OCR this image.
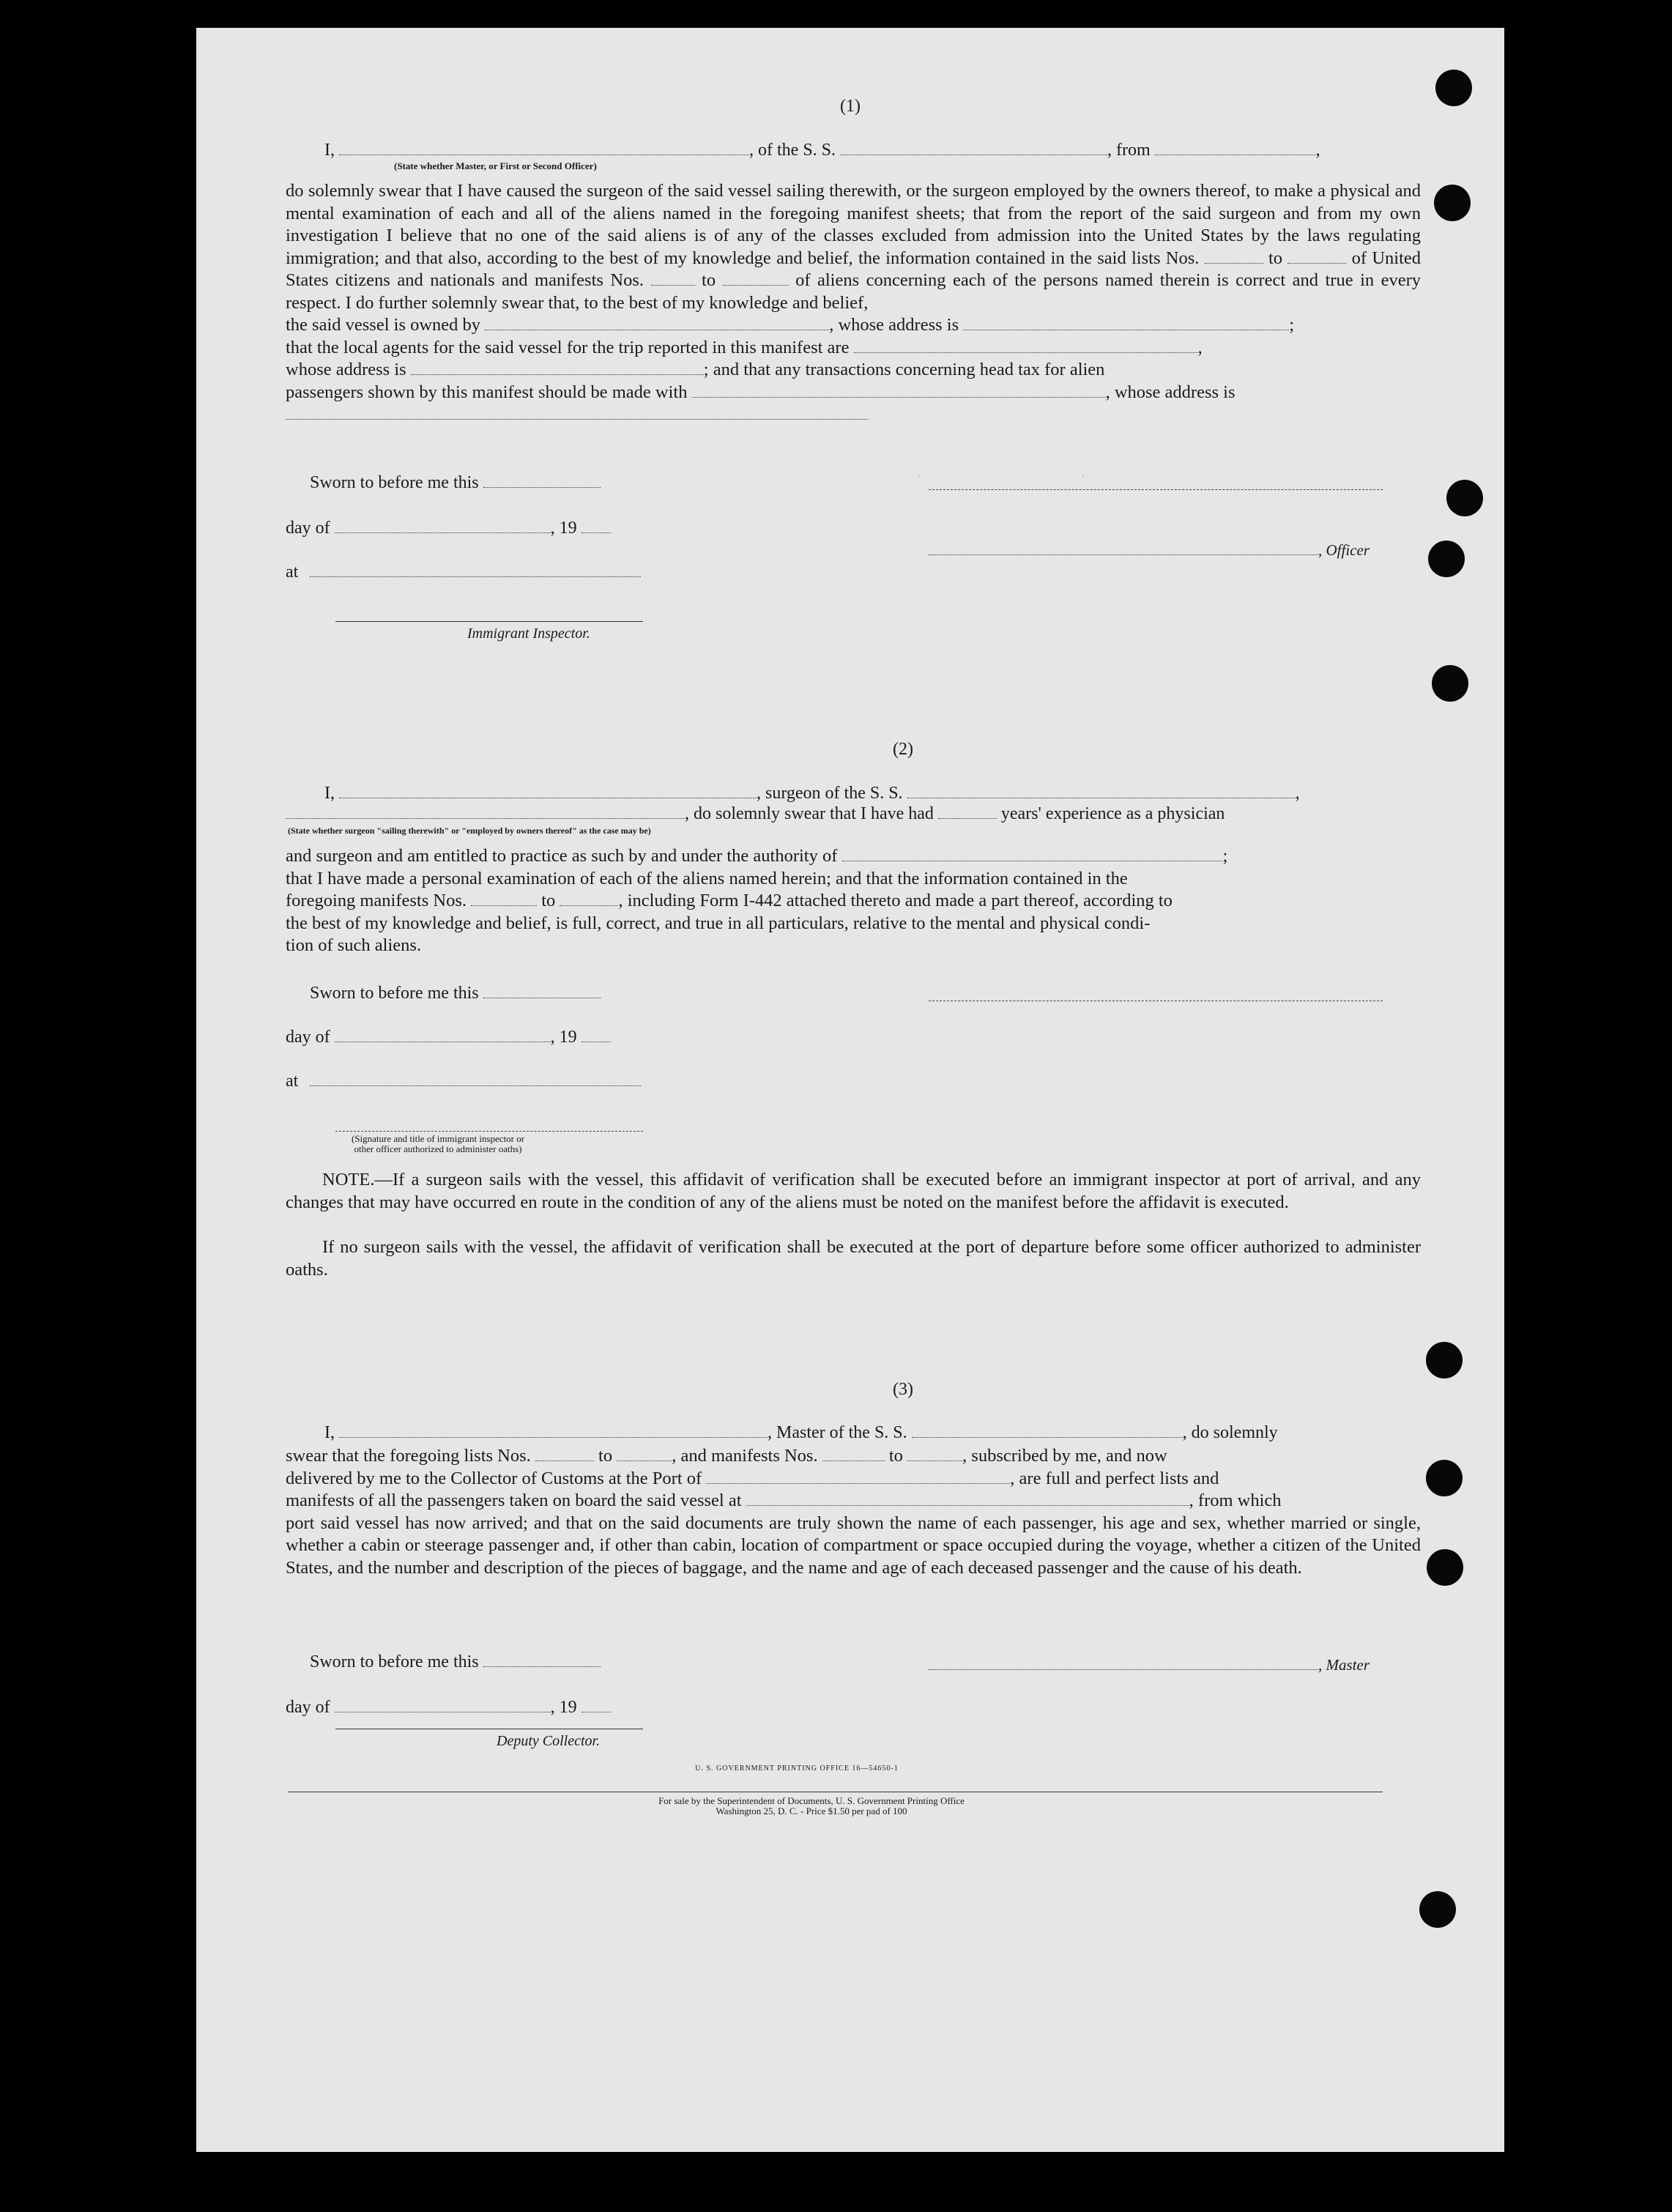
·                ·
(1)
I,	, of the S. S.	, from	,
(State whether Master, or First or Second Officer)
do solemnly swear that I have caused the surgeon of the said vessel sailing therewith, or the surgeon employed by the owners thereof, to make a physical and mental examination of each and all of the aliens named in the foregoing manifest sheets; that from the report of the said surgeon and from my own investigation I believe that no one of the said aliens is of any of the classes excluded from admission into the United States by the laws regulating immigration; and that also, according to the best of my knowledge and belief, the information contained in the said lists Nos.	to	of United States citizens and nationals and manifests Nos.	to	of aliens concerning each of the persons named therein is correct and true in every respect. I do further solemnly swear that, to the best of my knowledge and belief,
the said vessel is owned by	, whose address is	;
that the local agents for the said vessel for the trip reported in this manifest are	,
whose address is	; and that any transactions concerning head tax for alien
passengers shown by this manifest should be made with	, whose address is

Sworn to before me this
day of	, 19
, Officer
at
Immigrant Inspector.
(2)
I,	, surgeon of the S. S.	,
, do solemnly swear that I have had	years' experience as a physician
(State whether surgeon "sailing therewith" or "employed by owners thereof" as the case may be)
and surgeon and am entitled to practice as such by and under the authority of	;
that I have made a personal examination of each of the aliens named herein; and that the information contained in the
foregoing manifests Nos.	to	, including Form I-442 attached thereto and made a part thereof, according to
the best of my knowledge and belief, is full, correct, and true in all particulars, relative to the mental and physical condi-
tion of such aliens.
Sworn to before me this
day of	, 19
at
(Signature and title of immigrant inspector or other officer authorized to administer oaths)
NOTE.—If a surgeon sails with the vessel, this affidavit of verification shall be executed before an immigrant inspector at port of arrival, and any changes that may have occurred en route in the condition of any of the aliens must be noted on the manifest before the affidavit is executed.
If no surgeon sails with the vessel, the affidavit of verification shall be executed at the port of departure before some officer authorized to administer oaths.
(3)
I,	, Master of the S. S.	, do solemnly
swear that the foregoing lists Nos.	to	, and manifests Nos.	to	, subscribed by me, and now
delivered by me to the Collector of Customs at the Port of	, are full and perfect lists and
manifests of all the passengers taken on board the said vessel at	, from which
port said vessel has now arrived; and that on the said documents are truly shown the name of each passenger, his age and sex, whether married or single, whether a cabin or steerage passenger and, if other than cabin, location of compartment or space occupied during the voyage, whether a citizen of the United States, and the number and description of the pieces of baggage, and the name and age of each deceased passenger and the cause of his death.
Sworn to before me this	, Master
day of	, 19
Deputy Collector.
U. S. GOVERNMENT PRINTING OFFICE 16—54650-1
For sale by the Superintendent of Documents, U. S. Government Printing Office
Washington 25, D. C. - Price $1.50 per pad of 100
